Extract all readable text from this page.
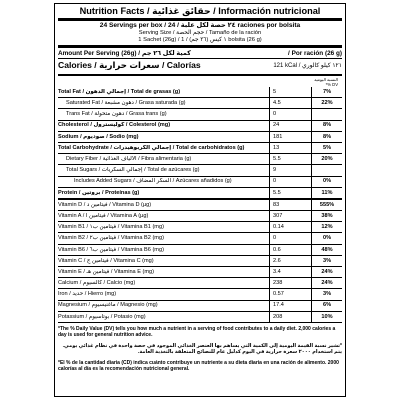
Nutrition Facts / حقائق غذائية / Información nutricional
24 Servings per box / ٢٤ حصة لكل علبة / 24 raciones por bolsita
Serving Size / حجم الحصة / Tamaño de la ración
1 Sachet (26g) / ١ كيس (٢٦ جم) / 1 bolsita (26 g)
Amount Per Serving (26g) / كمية لكل ٢٦ جم	/ Por ración (26 g)
Calories / سعرات حرارية / Calorías	121 kCal / ١٢١ كيلو كالوري
النسبة اليومية
*% DV
Total Fat / إجمالي الدهون / Total de grasas (g)	5	7%
Saturated Fat / دهون مشبعة / Grasa saturada (g)	4.5	22%
Trans Fat / دهون متحولة / Grasa trans (g)	0
Cholesterol / كوليسترول / Colesterol (mg)	24	8%
Sodium / صوديوم / Sodio (mg)	181	8%
Total Carbohydrate / إجمالي الكربوهيدرات / Total de carbohidratos (g)	13	5%
Dietary Fiber / الألياف الغذائية / Fibra alimentaria (g)	5.5	20%
Total Sugars / إجمالي السكريات / Total de azúcares (g)	9
Includes Added Sugars / السكر المضاف / Azúcares añadidos (g)	0	0%
Protein / بروتين / Proteínas (g)	5.5	11%
Vitamin D / فيتامين د / Vitamina D (µg)	83	555%
Vitamin A / فيتامين أ / Vitamina A (µg)	307	38%
Vitamin B1 / فيتامين ب١ / Vitamina B1 (mg)	0.14	12%
Vitamin B2 / فيتامين ب٢ / Vitamina B2 (mg)	0	0%
Vitamin B6 / فيتامين ب٦ / Vitamina B6 (mg)	0.6	48%
Vitamin C / فيتامين ج / Vitamina C (mg)	2.6	3%
Vitamin E / فيتامين هـ / Vitamina E (mg)	3.4	24%
Calcium / كالسيوم / Calcio (mg)	238	24%
Iron / حديد / Hierro (mg)	0.57	3%
Magnesium / ماغنيسيوم / Magnesio (mg)	17.4	6%
Potassium / بوتاسيوم / Potasio (mg)	208	10%

*The % Daily Value (DV) tells you how much a nutrient in a serving of food contributes to a daily diet. 2,000 calories a day is used for general nutrition advice.

*تشير نسبة القيمة اليومية إلى الكمية التي يساهم بها العنصر الغذائي الموجود في حصة واحدة في نظام غذائي يومي. يتم استخدام ٢٠٠٠ سعرة حرارية في اليوم كدليل عام للنصائح المتعلقة بالتغذية العامة.

*El % de la cantidad diaria (CD) indica cuánto contribuye un nutriente a su dieta diaria en una ración de alimento. 2000 calorías al día es la recomendación nutricional general.
